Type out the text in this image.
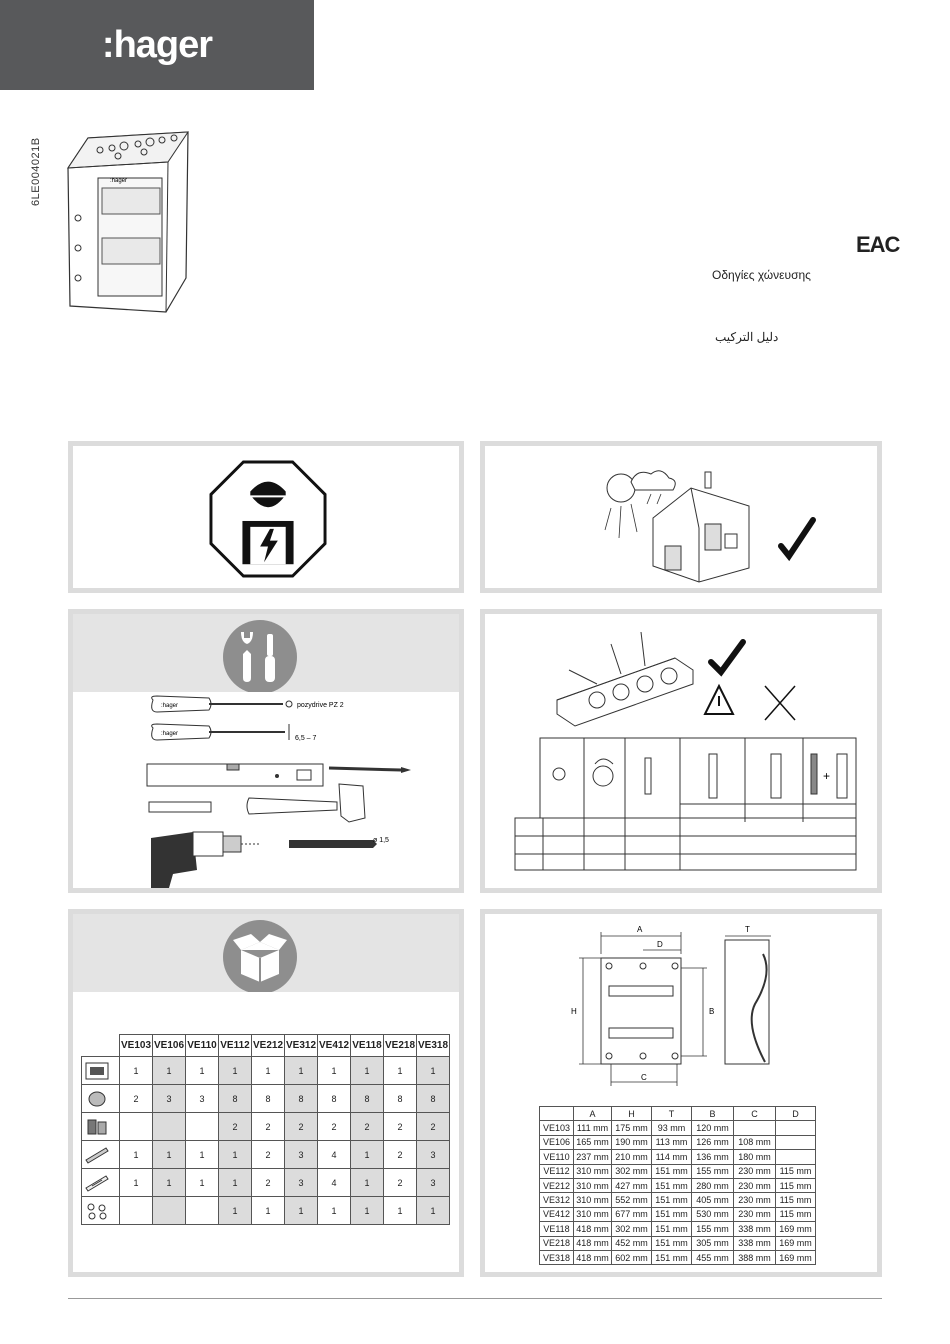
:hager
6LE004021B	:hager
EAC
Οδηγίες χώνευσης
دليل التركيب
:hager	pozydrive PZ 2
:hager
6,5 – 7
ø 1,5
+
	VE103	VE106	VE110	VE112	VE212	VE312	VE412	VE118	VE218	VE318

	1	1	1	1	1	1	1	1	1	1

	2	3	3	8	8	8	8	8	8	8

				2	2	2	2	2	2	2

	1	1	1	1	2	3	4	1	2	3

	1	1	1	1	2	3	4	1	2	3

				1	1	1	1	1	1	1
A
D
T
H	B
C
	A	H	T	B	C	D
VE103	111 mm	175 mm	93 mm	120 mm		
VE106	165 mm	190 mm	113 mm	126 mm	108 mm	
VE110	237 mm	210 mm	114 mm	136 mm	180 mm	
VE112	310 mm	302 mm	151 mm	155 mm	230 mm	115 mm
VE212	310 mm	427 mm	151 mm	280 mm	230 mm	115 mm
VE312	310 mm	552 mm	151 mm	405 mm	230 mm	115 mm
VE412	310 mm	677 mm	151 mm	530 mm	230 mm	115 mm
VE118	418 mm	302 mm	151 mm	155 mm	338 mm	169 mm
VE218	418 mm	452 mm	151 mm	305 mm	338 mm	169 mm
VE318	418 mm	602 mm	151 mm	455 mm	388 mm	169 mm
